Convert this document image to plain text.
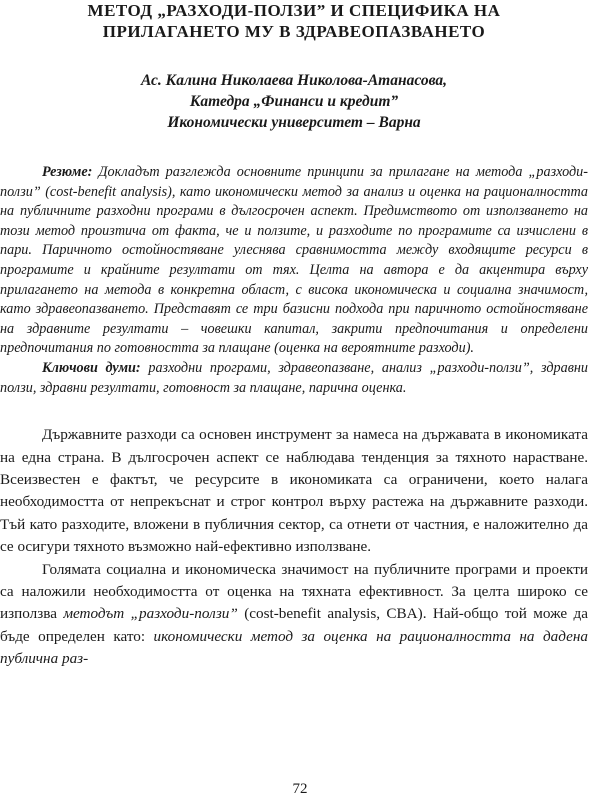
МЕТОД „РАЗХОДИ-ПОЛЗИ” И СПЕЦИФИКА НА
ПРИЛАГАНЕТО МУ В ЗДРАВЕОПАЗВАНЕТО
Ас. Калина Николаева Николова-Атанасова,
Катедра „Финанси и кредит”
Икономически университет – Варна

Резюме: Докладът разглежда основните принципи за прилагане на метода „разходи-ползи” (cost-benefit analysis), като икономически метод за анализ и оценка на рационалността на публичните разходни програми в дългосрочен аспект. Предимството от използването на този метод произтича от факта, че и ползите, и разходите по програмите са изчислени в пари. Паричното остойностяване улеснява сравнимостта между входящите ресурси в програмите и крайните резултати от тях. Целта на автора е да акцентира върху прилагането на метода в конкретна област, с висока икономическа и социална значимост, като здравеопазването. Представят се три базисни подхода при паричното остойностяване на здравните резултати – човешки капитал, закрити предпочитания и определени предпочитания по готовността за плащане (оценка на вероятните разходи).

Ключови думи: разходни програми, здравеопазване, анализ „разходи-ползи”, здравни ползи, здравни резултати, готовност за плащане, парична оценка.

Държавните разходи са основен инструмент за намеса на държавата в икономиката на една страна. В дългосрочен аспект се наблюдава тенденция за тяхното нарастване. Всеизвестен е фактът, че ресурсите в икономиката са ограничени, което налага необходимостта от непрекъснат и строг контрол върху растежа на държавните разходи. Тъй като разходите, вложени в публичния сектор, са отнети от частния, е наложително да се осигури тяхното възможно най-ефективно използване.

Голямата социална и икономическа значимост на публичните програми и проекти са наложили необходимостта от оценка на тяхната ефективност. За целта широко се използва методът „разходи-ползи” (cost-benefit analysis, CBA). Най-общо той може да бъде определен като: икономически метод за оценка на рационалността на дадена публична раз-

72
